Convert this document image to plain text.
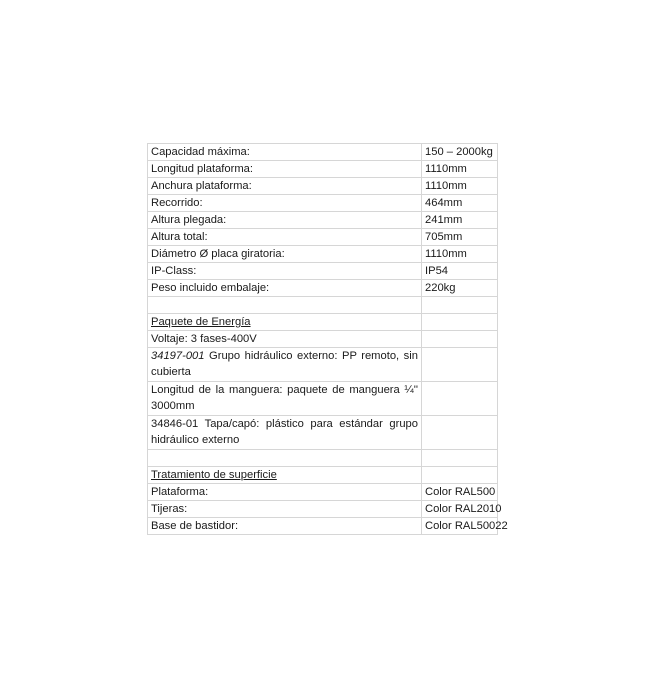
Capacidad máxima:	150 – 2000kg
Longitud plataforma:	1110mm
Anchura plataforma:	1110mm
Recorrido:	464mm
Altura plegada:	241mm
Altura total:	705mm
Diámetro Ø placa giratoria:	1110mm
IP-Class:	IP54
Peso incluido embalaje:	220kg

Paquete de Energía	
Voltaje: 3 fases-400V	
34197-001 Grupo hidráulico externo: PP remoto, sin cubierta	
Longitud de la manguera: paquete de manguera ¼'' 3000mm	
34846-01 Tapa/capó: plástico para estándar grupo hidráulico externo	

Tratamiento de superficie	
Plataforma:	Color RAL500
Tijeras:	Color RAL2010
Base de bastidor:	Color RAL50022
